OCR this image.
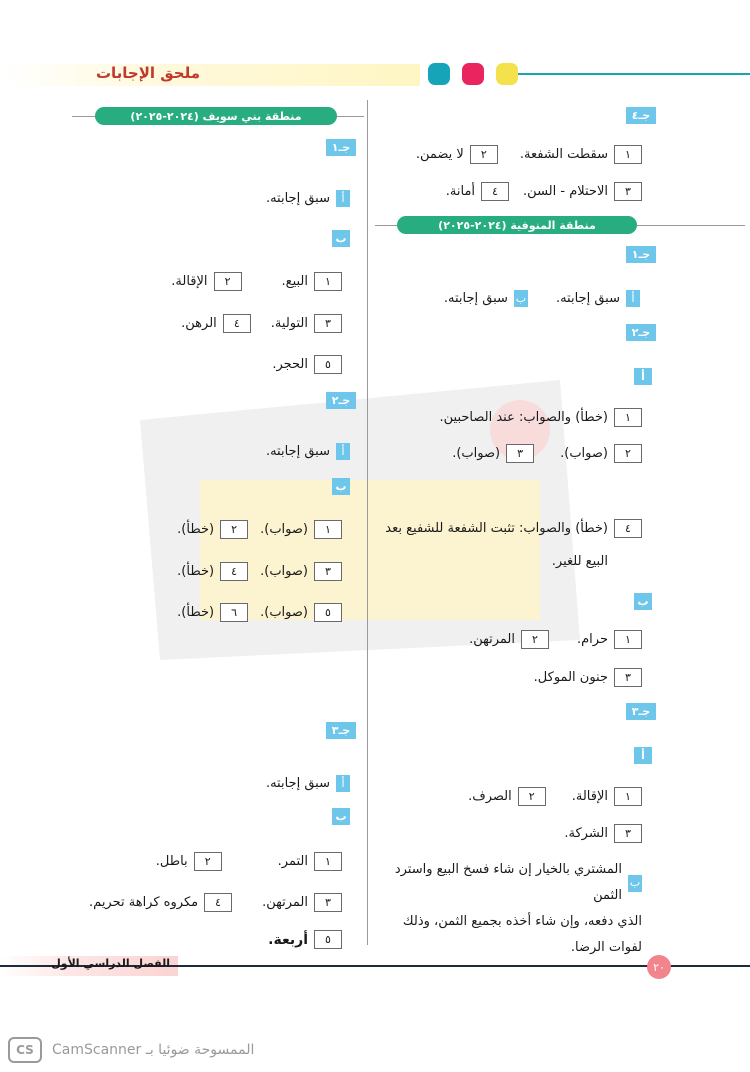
ملحق الإجابات
جـ٤
١
سقطت الشفعة.
٢
لا يضمن.
٣
الاحتلام - السن.
٤
أمانة.
منطقة المنوفية (٢٠٢٤-٢٠٢٥)
جـ١
أ
سبق إجابته.
ب
سبق إجابته.
جـ٢
أ
١
(خطأ) والصواب: عند الصاحبين.
٢
(صواب).
٣
(صواب).
٤
(خطأ) والصواب: تثبت الشفعة للشفيع بعد
البيع للغير.
ب
١
حرام.
٢
المرتهن.
٣
جنون الموكل.
جـ٣
أ
١
الإقالة.
٢
الصرف.
٣
الشركة.
ب
المشتري بالخيار إن شاء فسخ البيع واسترد الثمن
الذي دفعه، وإن شاء أخذه بجميع الثمن، وذلك
لفوات الرضا.
منطقة بني سويف (٢٠٢٤-٢٠٢٥)
جـ١
أ
سبق إجابته.
ب
١
البيع.
٢
الإقالة.
٣
التولية.
٤
الرهن.
٥
الحجر.
جـ٢
أ
سبق إجابته.
ب
١
(صواب).
٢
(خطأ).
٣
(صواب).
٤
(خطأ).
٥
(صواب).
٦
(خطأ).
جـ٣
أ
سبق إجابته.
ب
١
التمر.
٢
باطل.
٣
المرتهن.
٤
مكروه كراهة تحريم.
٥
أربعة.
الفصل الدراسي الأول	٢٠
CS	الممسوحة ضوئيا بـ CamScanner
